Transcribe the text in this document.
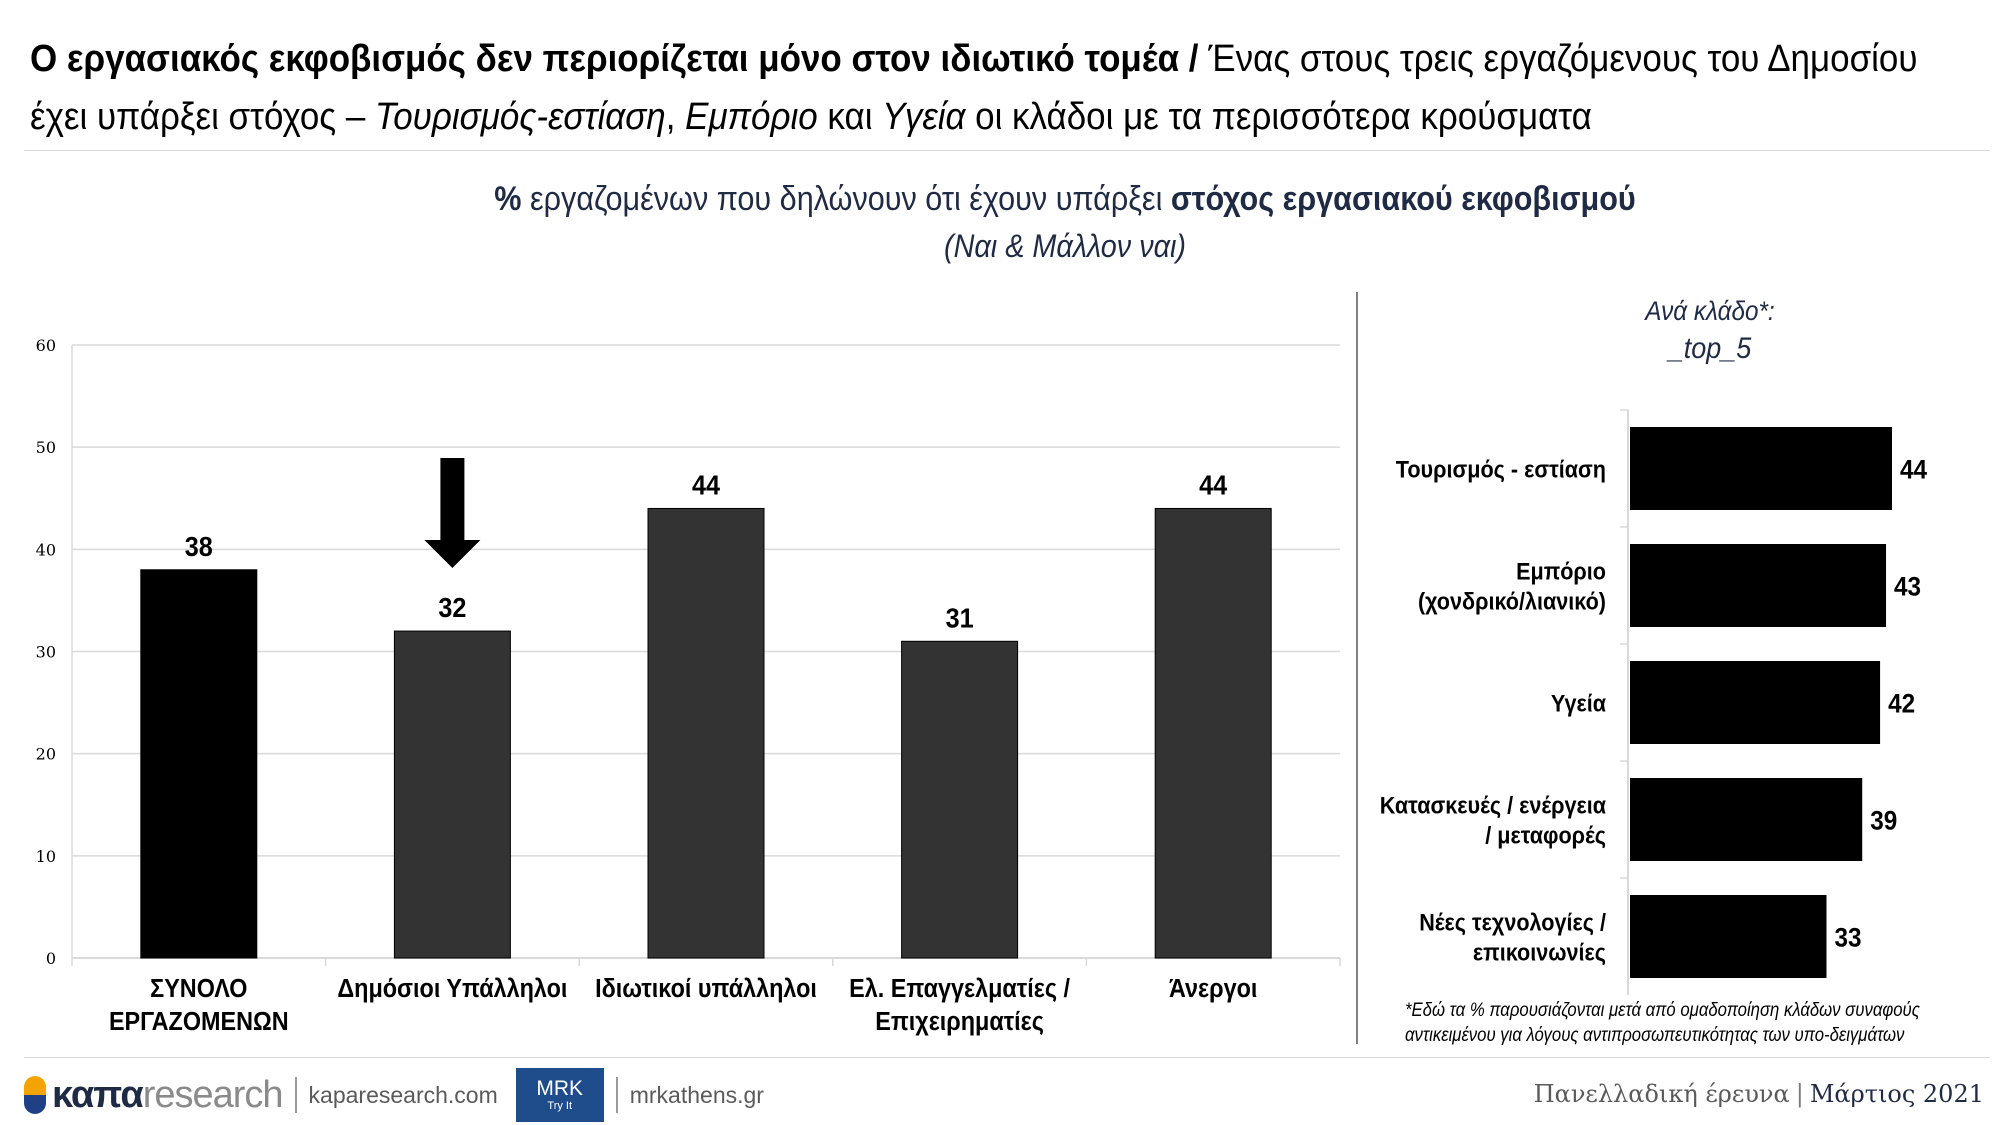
Ο εργασιακός εκφοβισμός δεν περιορίζεται μόνο στον ιδιωτικό τομέα / Ένας στους τρεις εργαζόμενους του Δημοσίου έχει υπάρξει στόχος – Τουρισμός-εστίαση, Εμπόριο και Υγεία οι κλάδοι με τα περισσότερα κρούσματα
% εργαζομένων που δηλώνουν ότι έχουν υπάρξει στόχος εργασιακού εκφοβισμού
(Ναι & Μάλλον ναι)
0
10
20
30
40
50
60
38
ΣΥΝΟΛΟ
ΕΡΓΑΖΟΜΕΝΩΝ
32
Δημόσιοι Υπάλληλοι
44
Ιδιωτικοί υπάλληλοι
31
Ελ. Επαγγελματίες /
Επιχειρηματίες
44
Άνεργοι
Ανά κλάδο*:
_top_5
44
Τουρισμός - εστίαση
43
Εμπόριο
(χονδρικό/λιανικό)
42
Υγεία
39
Κατασκευές / ενέργεια
/ μεταφορές
33
Νέες τεχνολογίες /
επικοινωνίες
*Εδώ τα % παρουσιάζονται μετά από ομαδοποίηση κλάδων συναφούς αντικειμένου για λόγους αντιπροσωπευτικότητας των υπο-δειγμάτων
καπα research kaparesearch.com	MRK
Try It	mrkathens.gr	Πανελλαδική έρευνα | Μάρτιος 2021
